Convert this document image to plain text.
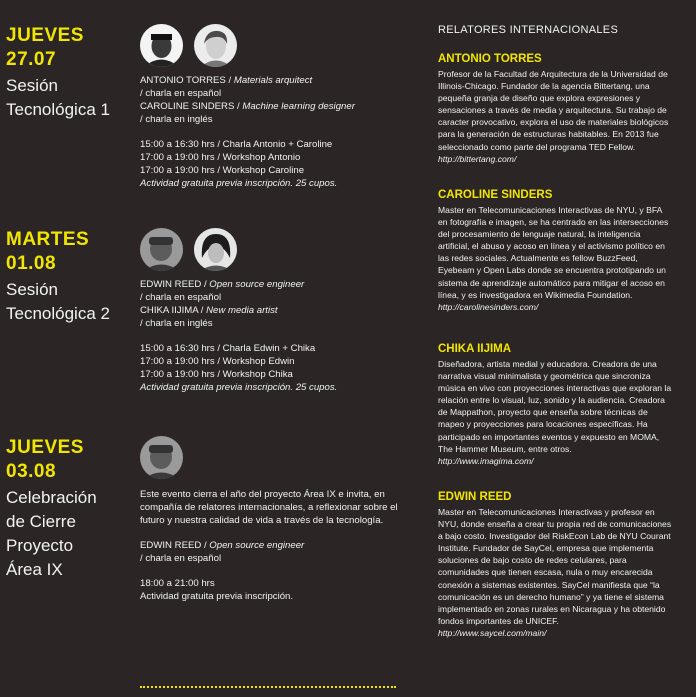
JUEVES
27.07
Sesión
Tecnológica 1

ANTONIO TORRES / Materials arquitect

/ charla en español

CAROLINE SINDERS / Machine learning designer

/ charla en inglés

15:00 a 16:30 hrs / Charla Antonio + Caroline

17:00 a 19:00 hrs / Workshop Antonio

17:00 a 19:00 hrs / Workshop Caroline

Actividad gratuita previa inscripción. 25 cupos.

MARTES
01.08
Sesión
Tecnológica 2

EDWIN REED / Open source engineer

/ charla en español

CHIKA IIJIMA / New media artist

/ charla en inglés

15:00 a 16:30 hrs / Charla Edwin + Chika

17:00 a 19:00 hrs / Workshop Edwin

17:00 a 19:00 hrs / Workshop Chika

Actividad gratuita previa inscripción. 25 cupos.

JUEVES
03.08
Celebración
de Cierre
Proyecto
Área IX

Este evento cierra el año del proyecto Área IX e invita, en compañía de relatores internacionales, a reflexionar sobre el futuro y nuestra calidad de vida a través de la tecnología.

EDWIN REED / Open source engineer

/ charla en español

18:00 a 21:00 hrs

Actividad gratuita previa inscripción.

RELATORES INTERNACIONALES
ANTONIO TORRES
Profesor de la Facultad de Arquitectura de la Universidad de Illinois-Chicago. Fundador de la agencia Bittertang, una pequeña granja de diseño que explora expresiones y sensaciones a través de media y arquitectura. Su trabajo de caracter provocativo, explora el uso de materiales biológicos para la generación de estructuras habitables. En 2013 fue seleccionado como parte del programa TED Fellow.
http://bittertang.com/
CAROLINE SINDERS
Master en Telecomunicaciones Interactivas de NYU, y BFA en fotografía e imagen, se ha centrado en las intersecciones del procesamiento de lenguaje natural, la inteligencia artificial, el abuso y acoso en línea y el activismo político en las redes sociales. Actualmente es fellow BuzzFeed, Eyebeam y Open Labs donde se encuentra prototipando un sistema de aprendizaje automático para mitigar el acoso en línea, y es investigadora en Wikimedia Foundation.
http://carolinesinders.com/
CHIKA IIJIMA
Diseñadora, artista medial y educadora. Creadora de una narrativa visual minimalista y geométrica que sincroniza música en vivo con proyecciones interactivas que exploran la relación entre lo visual, luz, sonido y la audiencia. Creadora de Mappathon, proyecto que enseña sobre técnicas de mapeo y proyecciones para locaciones específicas. Ha participado en importantes eventos y expuesto en MOMA, The Hammer Museum, entre otros.
http://www.imagima.com/
EDWIN REED
Master en Telecomunicaciones Interactivas y profesor en NYU, donde enseña a crear tu propia red de comunicaciones a bajo costo. Investigador del RiskEcon Lab de NYU Courant Institute. Fundador de SayCel, empresa que implementa soluciones de bajo costo de redes celulares, para comunidades que tienen escasa, nula o muy encarecida conexión a sistemas existentes. SayCel manifiesta que “la comunicación es un derecho humano” y ya tiene el sistema implementado en zonas rurales en Nicaragua y ha obtenido fondos importantes de UNICEF.
http://www.saycel.com/main/
